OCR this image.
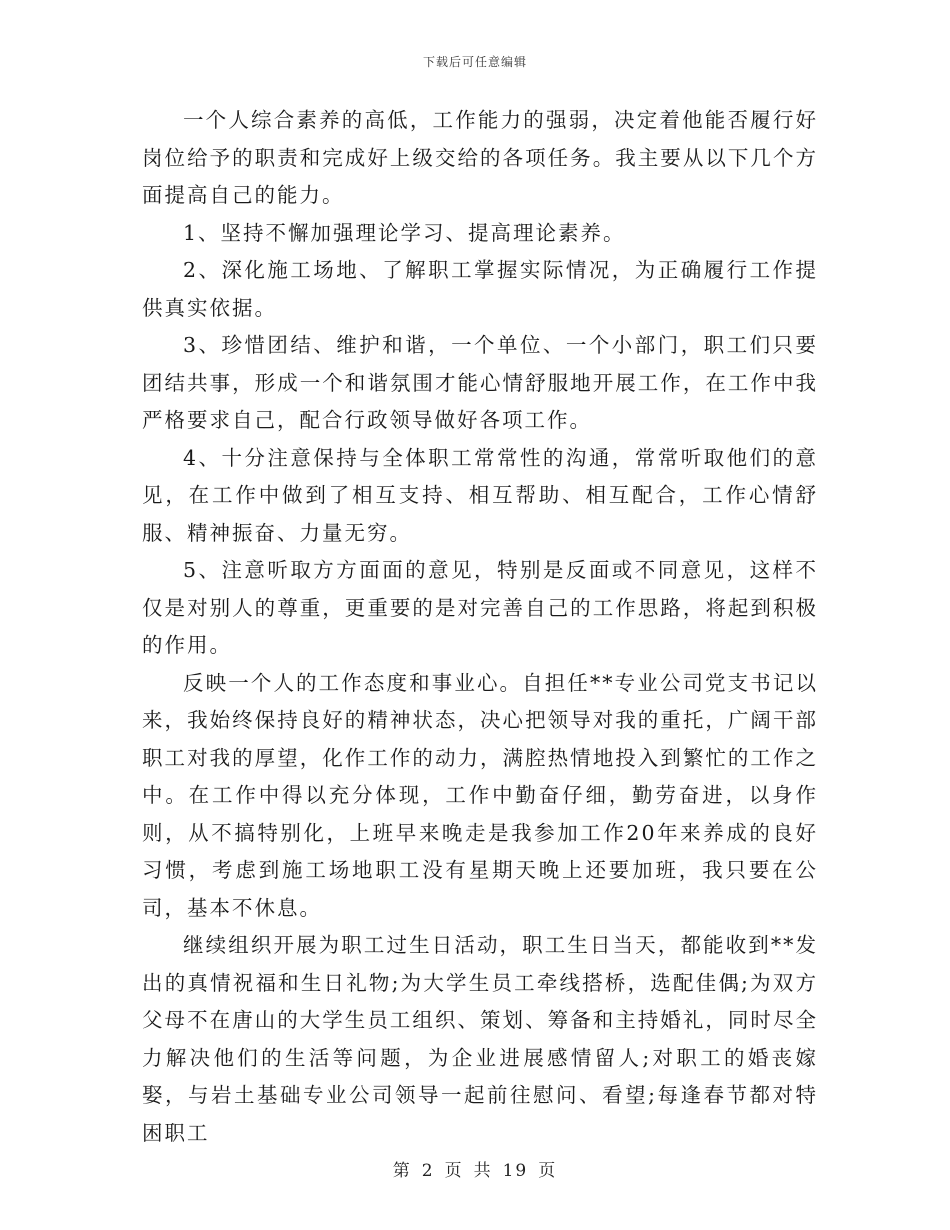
下载后可任意编辑

一个人综合素养的高低，工作能力的强弱，决定着他能否履行好岗位给予的职责和完成好上级交给的各项任务。我主要从以下几个方面提高自己的能力。

1、坚持不懈加强理论学习、提高理论素养。

2、深化施工场地、了解职工掌握实际情况，为正确履行工作提供真实依据。

3、珍惜团结、维护和谐，一个单位、一个小部门，职工们只要团结共事，形成一个和谐氛围才能心情舒服地开展工作，在工作中我严格要求自己，配合行政领导做好各项工作。

4、十分注意保持与全体职工常常性的沟通，常常听取他们的意见，在工作中做到了相互支持、相互帮助、相互配合，工作心情舒服、精神振奋、力量无穷。

5、注意听取方方面面的意见，特别是反面或不同意见，这样不仅是对别人的尊重，更重要的是对完善自己的工作思路，将起到积极的作用。

反映一个人的工作态度和事业心。自担任**专业公司党支书记以来，我始终保持良好的精神状态，决心把领导对我的重托，广阔干部职工对我的厚望，化作工作的动力，满腔热情地投入到繁忙的工作之中。在工作中得以充分体现，工作中勤奋仔细，勤劳奋进，以身作则，从不搞特别化，上班早来晚走是我参加工作20年来养成的良好习惯，考虑到施工场地职工没有星期天晚上还要加班，我只要在公司，基本不休息。

继续组织开展为职工过生日活动，职工生日当天，都能收到**发出的真情祝福和生日礼物;为大学生员工牵线搭桥，选配佳偶;为双方父母不在唐山的大学生员工组织、策划、筹备和主持婚礼，同时尽全力解决他们的生活等问题，为企业进展感情留人;对职工的婚丧嫁娶，与岩土基础专业公司领导一起前往慰问、看望;每逢春节都对特困职工

第 2 页 共 19 页
